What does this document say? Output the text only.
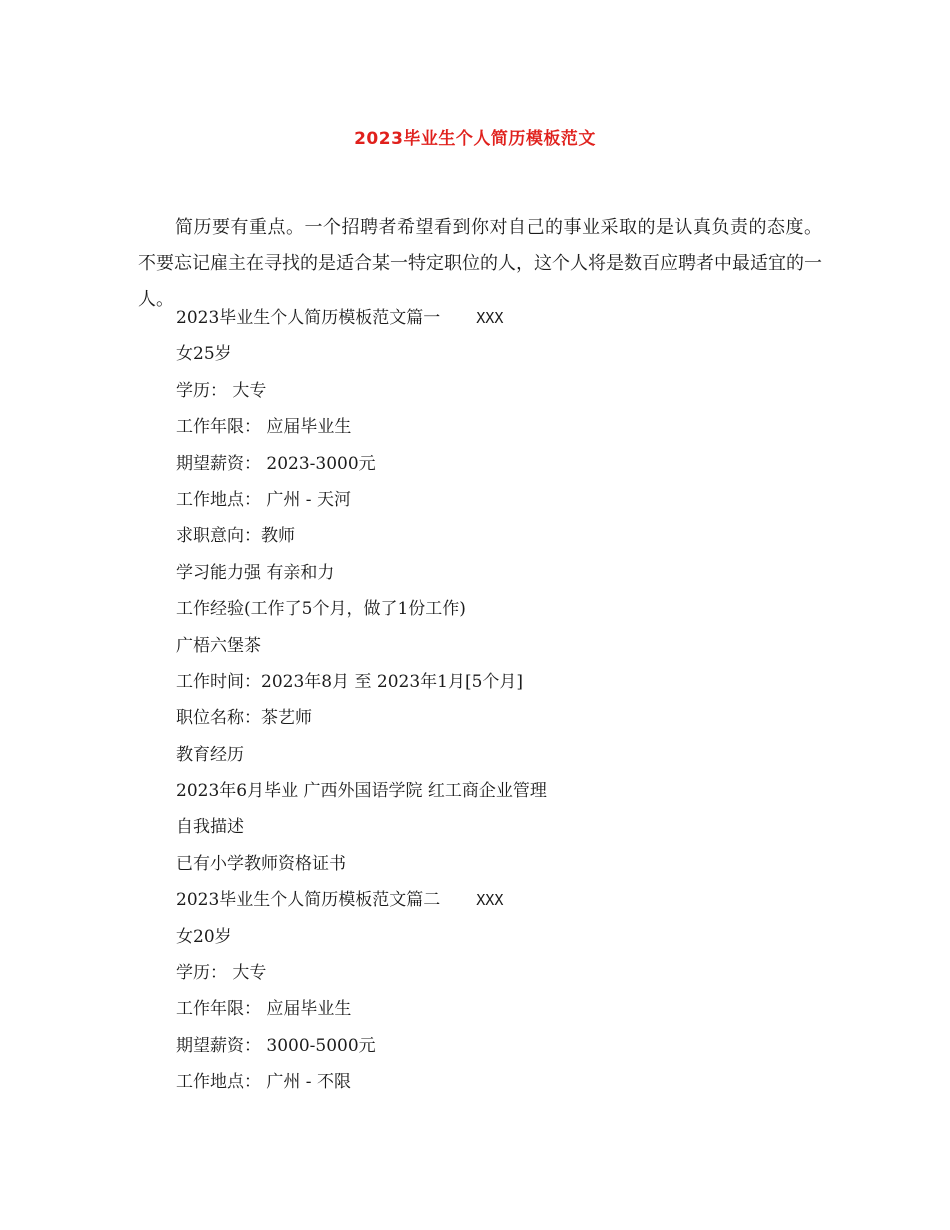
2023毕业生个人简历模板范文

简历要有重点。一个招聘者希望看到你对自己的事业采取的是认真负责的态度。不要忘记雇主在寻找的是适合某一特定职位的人，这个人将是数百应聘者中最适宜的一人。

2023毕业生个人简历模板范文篇一 XXX
女25岁
学历： 大专
工作年限： 应届毕业生
期望薪资： 2023-3000元
工作地点： 广州 - 天河
求职意向：教师
学习能力强 有亲和力
工作经验(工作了5个月，做了1份工作)
广梧六堡茶
工作时间：2023年8月 至 2023年1月[5个月]
职位名称：茶艺师
教育经历
2023年6月毕业 广西外国语学院 红工商企业管理
自我描述
已有小学教师资格证书
2023毕业生个人简历模板范文篇二 XXX
女20岁
学历： 大专
工作年限： 应届毕业生
期望薪资： 3000-5000元
工作地点： 广州 - 不限
